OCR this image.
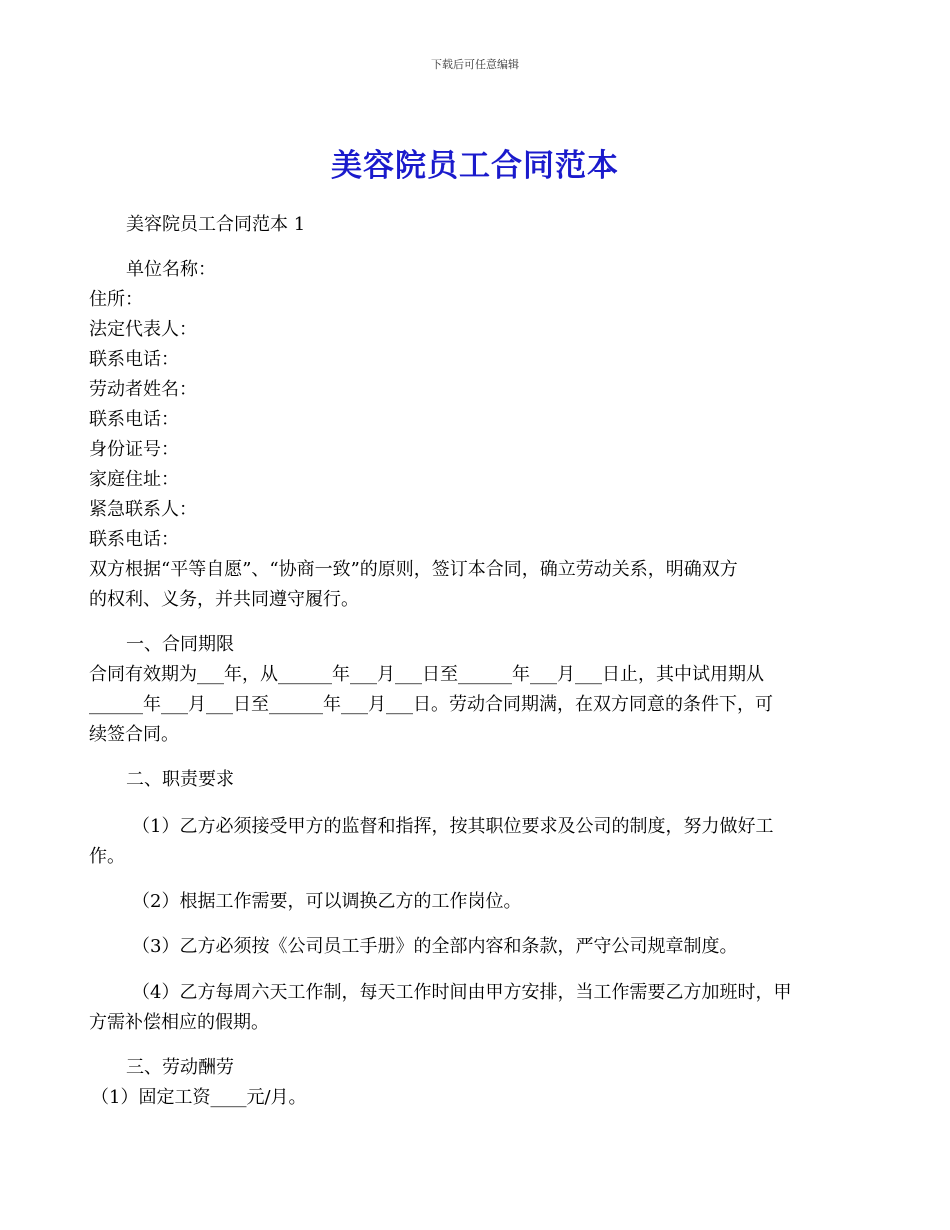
下载后可任意编辑
美容院员工合同范本
美容院员工合同范本 1
单位名称：
住所：
法定代表人：
联系电话：
劳动者姓名：
联系电话：
身份证号：
家庭住址：
紧急联系人：
联系电话：
双方根据“平等自愿”、“协商一致”的原则，签订本合同，确立劳动关系，明确双方
的权利、义务，并共同遵守履行。
一、合同期限
合同有效期为___年，从______年___月___日至______年___月___日止，其中试用期从
______年___月___日至______年___月___日。劳动合同期满，在双方同意的条件下，可
续签合同。
二、职责要求
（1）乙方必须接受甲方的监督和指挥，按其职位要求及公司的制度，努力做好工
作。
（2）根据工作需要，可以调换乙方的工作岗位。
（3）乙方必须按《公司员工手册》的全部内容和条款，严守公司规章制度。
（4）乙方每周六天工作制，每天工作时间由甲方安排，当工作需要乙方加班时，甲
方需补偿相应的假期。
三、劳动酬劳
（1）固定工资____元/月。
